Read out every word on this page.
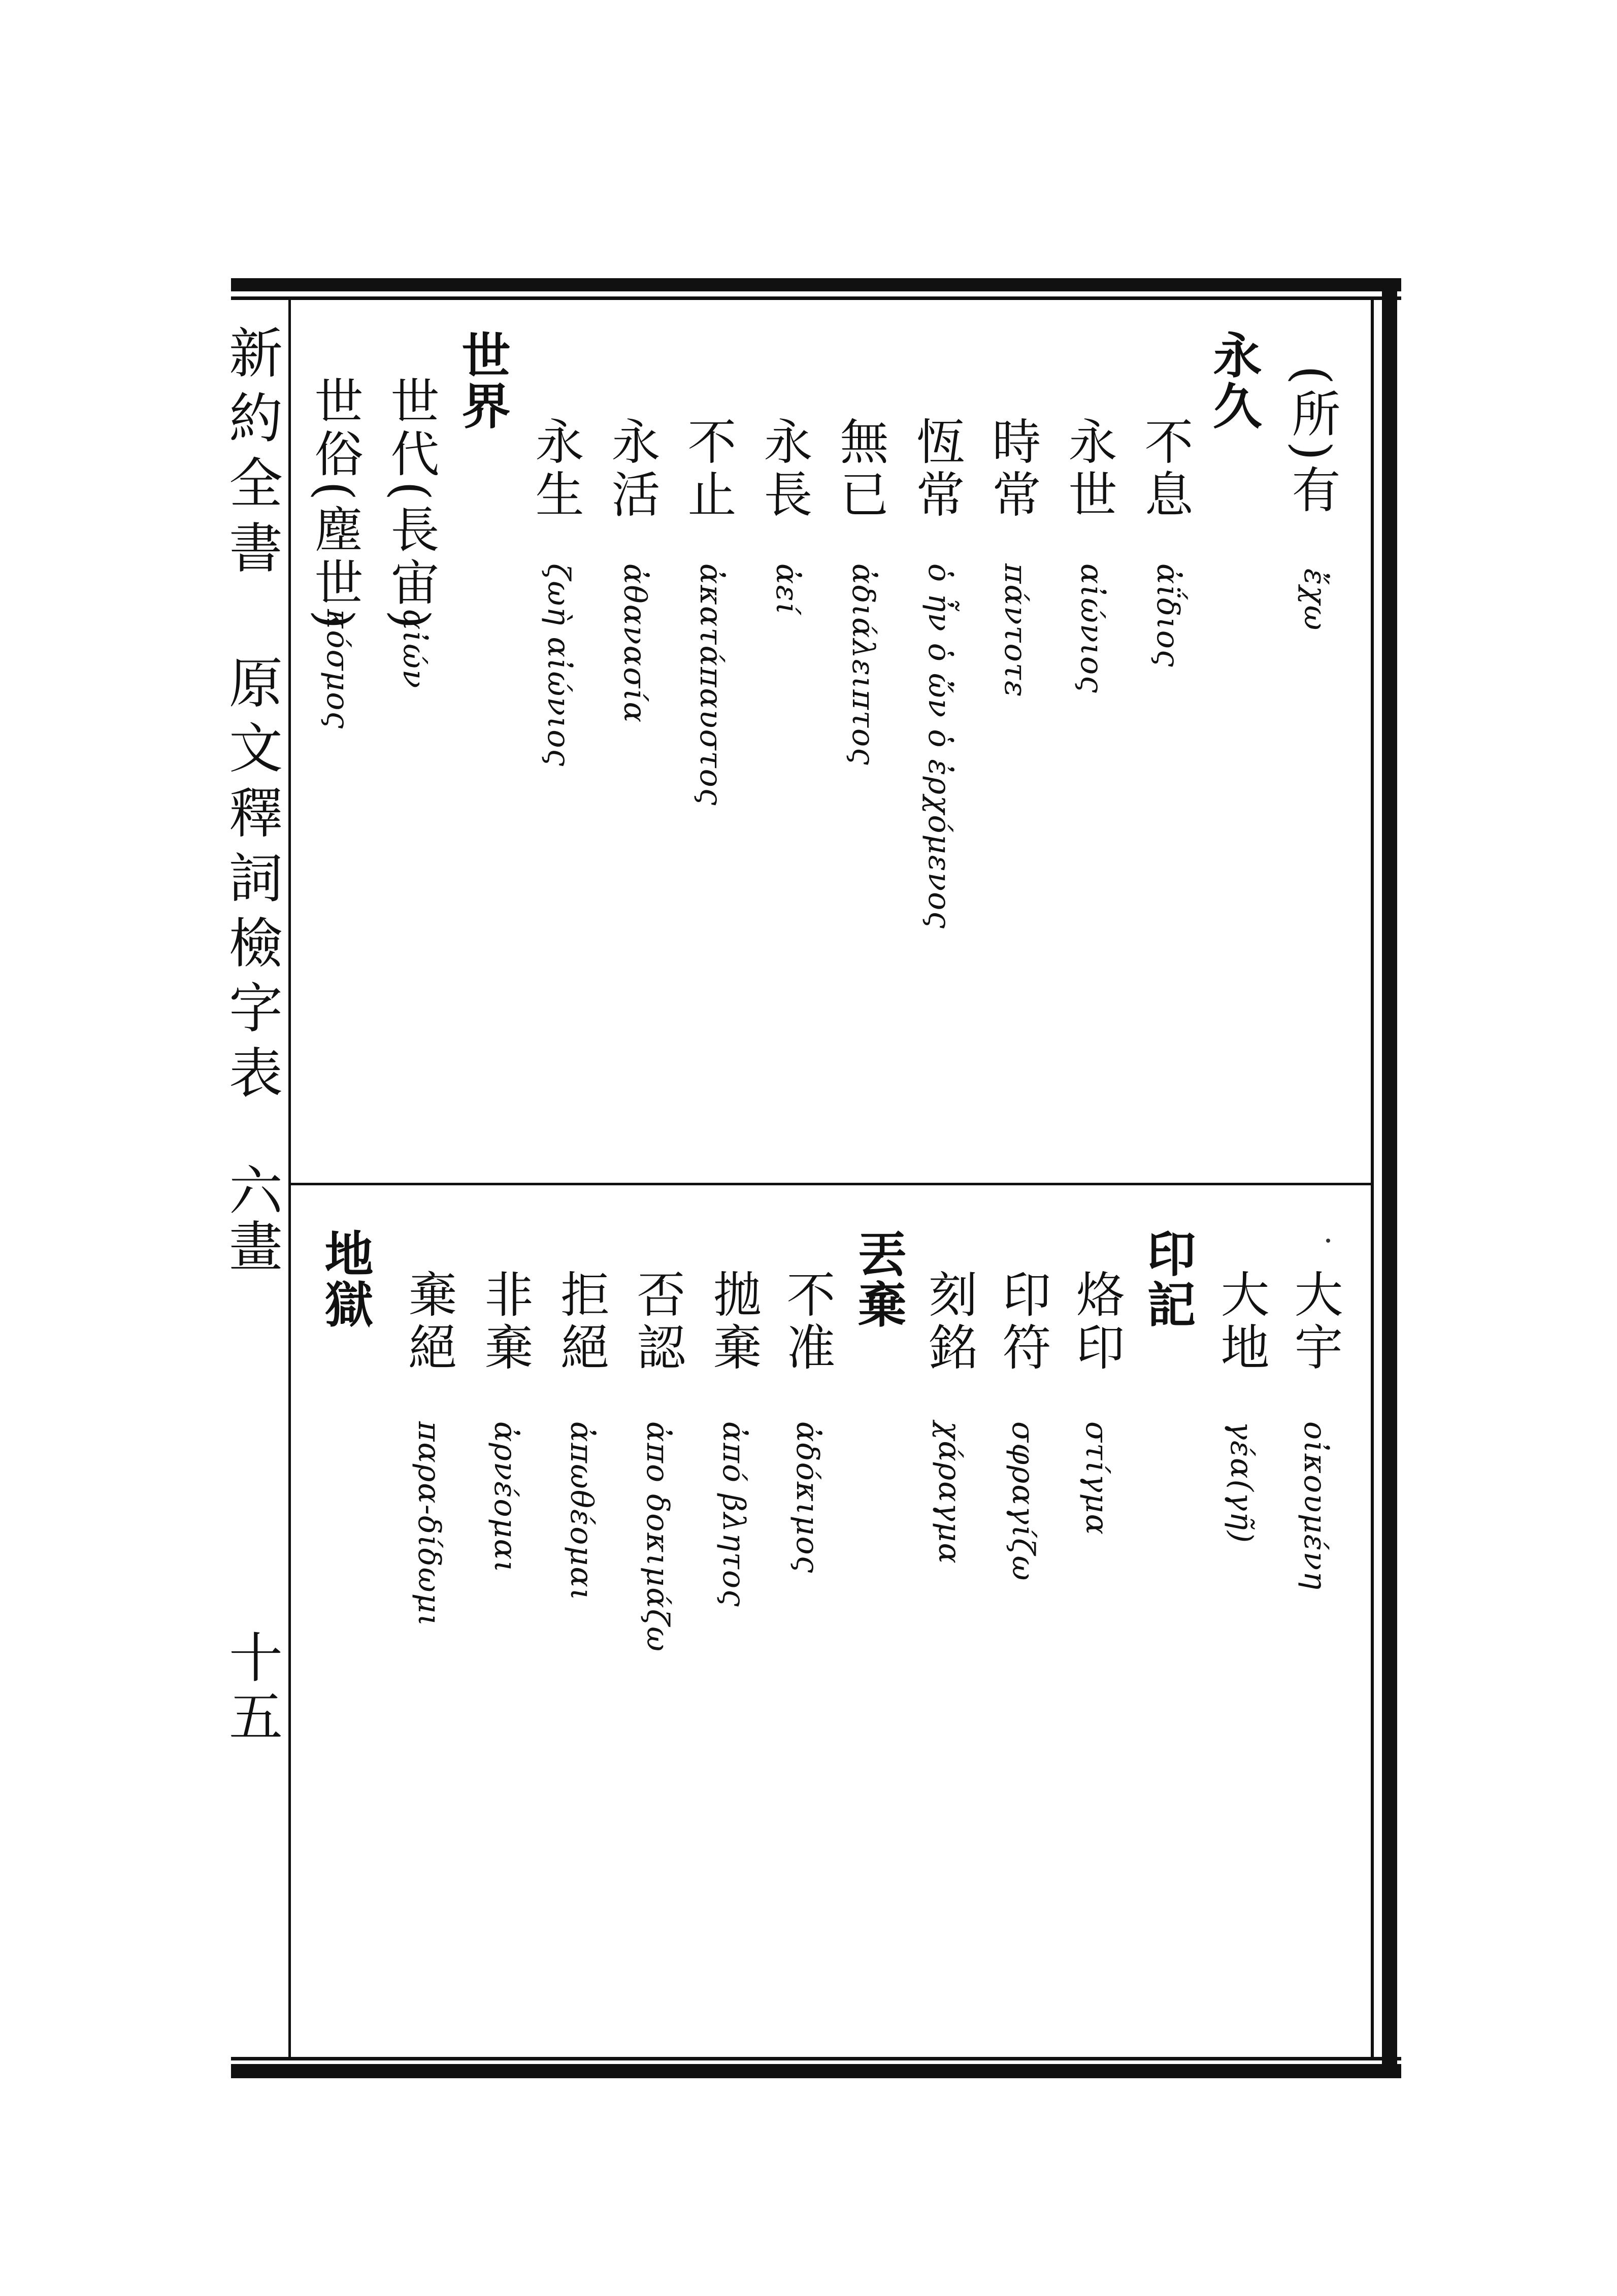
新約全書
原文釋詞檢字表
六畫
十五
(所)有
ἔχω
永久
不息
ἀΐδιος
永世
αἰώνιος
時常
πάντοτε
恆常
ὁ ἦν ὁ ὤν ὁ ἐρχόμενος
無已
ἀδιάλειπτος
永長
ἀεί
不止
ἀκατάπαυστος
永活
ἀθανασία
永生
ζωὴ αἰώνιος
世界
世代(長宙)
αἰών
世俗(塵世)
κόσμος
大宇
οἰκουμένη
大地
γέα(γῆ)
印記
烙印
στίγμα
印符
σφραγίζω
刻銘
χάραγμα
丟棄
不准
ἀδόκιμος
拋棄
ἀπό βλητος
否認
ἀπο δοκιμάζω
拒絕
ἀπωθέομαι
非棄
ἀρνέομαι
棄絕
παρα-δίδωμι
地獄
